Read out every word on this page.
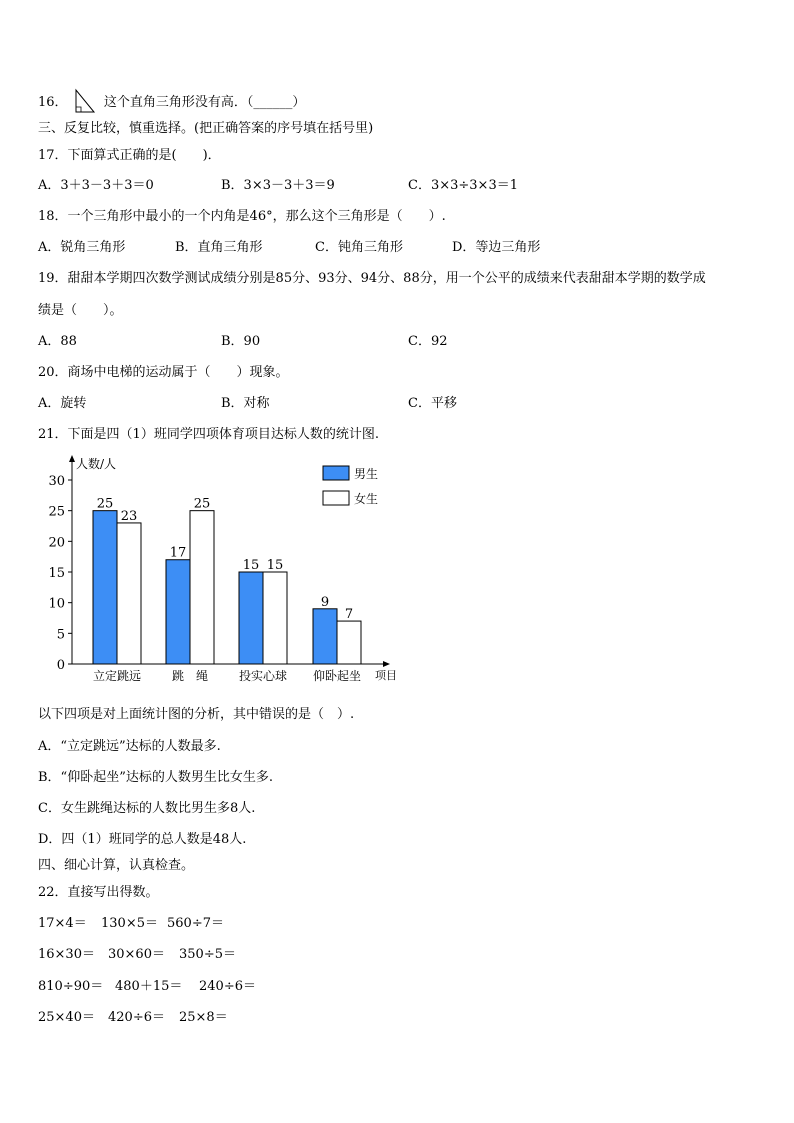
16．	这个直角三角形没有高．（______）
三、反复比较，慎重选择。(把正确答案的序号填在括号里)
17．下面算式正确的是(　　)．
A．3＋3－3＋3＝0	B．3×3－3＋3＝9	C．3×3÷3×3＝1
18．一个三角形中最小的一个内角是46°，那么这个三角形是（　　）.
A．锐角三角形	B．直角三角形	C．钝角三角形	D．等边三角形
19．甜甜本学期四次数学测试成绩分别是85分、93分、94分、88分，用一个公平的成绩来代表甜甜本学期的数学成
绩是（　　）。
A．88	B．90	C．92
20．商场中电梯的运动属于（　　）现象。
A．旋转	B．对称	C．平移
21．下面是四（1）班同学四项体育项目达标人数的统计图.
0
5
10
15
20
25
30
人数/人
项目
25
23
立定跳远
17
25
跳　绳
15 15
投实心球
9
7
仰卧起坐
男生
女生
以下四项是对上面统计图的分析，其中错误的是（　）.
A．“立定跳远”达标的人数最多.
B．“仰卧起坐”达标的人数男生比女生多.
C．女生跳绳达标的人数比男生多8人.
D．四（1）班同学的总人数是48人.
四、细心计算，认真检查。
22．直接写出得数。
17×4＝ 130×5＝ 560÷7＝
16×30＝ 30×60＝ 350÷5＝
810÷90＝ 480＋15＝ 240÷6＝
25×40＝ 420÷6＝ 25×8＝
